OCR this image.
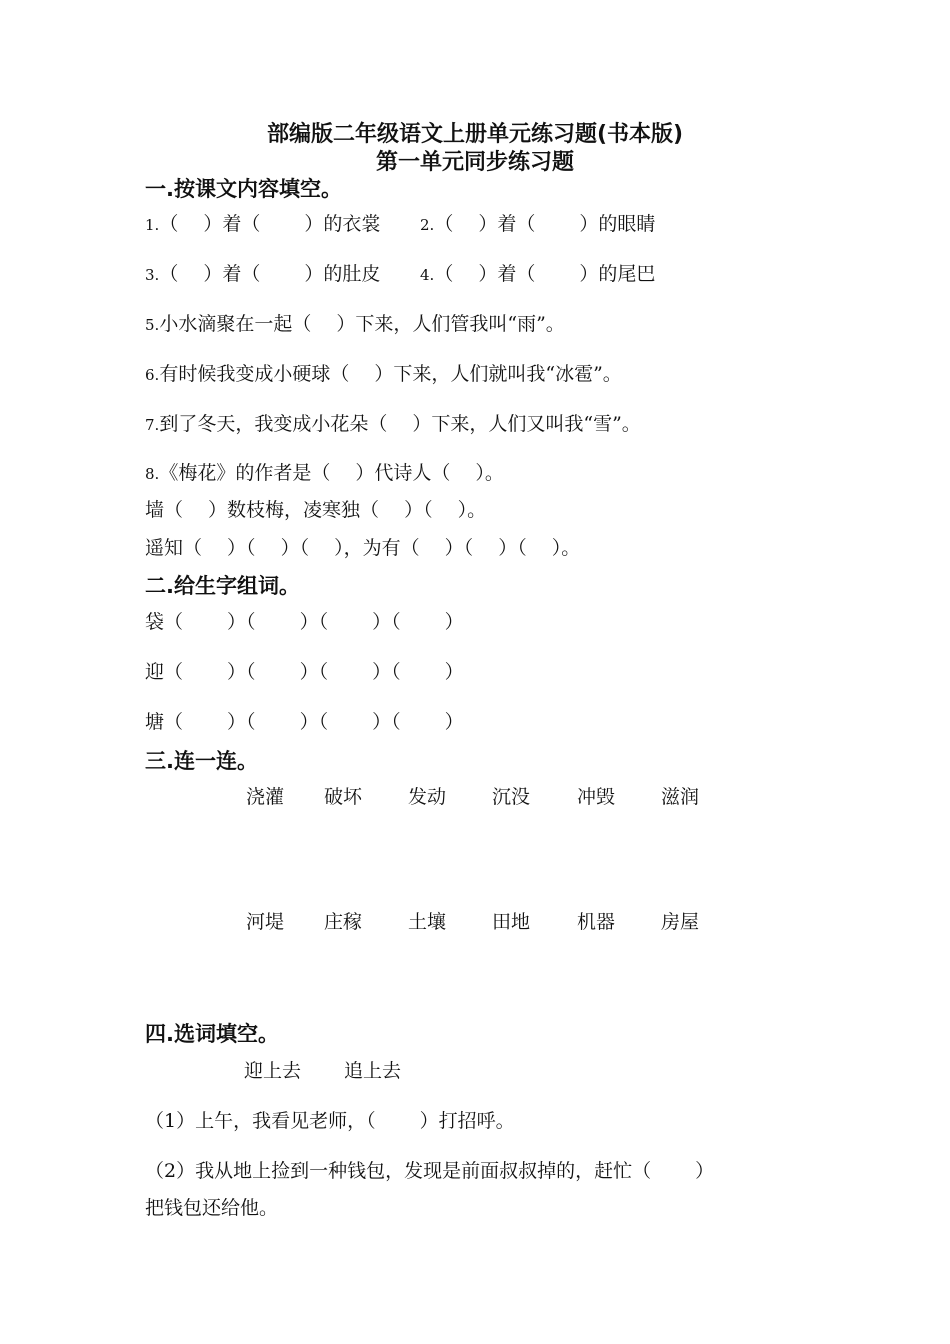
部编版二年级语文上册单元练习题(书本版)
第一单元同步练习题
一.按课文内容填空。
1.（　 ）着（　　 ）的衣裳	2.（　 ）着（　　 ）的眼睛
3.（　 ）着（　　 ）的肚皮	4.（　 ）着（　　 ）的尾巴
5.小水滴聚在一起（　 ）下来，人们管我叫“雨”。
6.有时候我变成小硬球（　 ）下来，人们就叫我“冰雹”。
7.到了冬天，我变成小花朵（　 ）下来，人们又叫我“雪”。
8.《梅花》的作者是（　 ）代诗人（　 ）。
墙（　 ）数枝梅，凌寒独（　 ）（　 ）。
遥知（　 ）（　 ）（　 ），为有（　 ）（　 ）（　 ）。
二.给生字组词。
袋（　　 ）（　　 ）（　　 ）（　　 ）
迎（　　 ）（　　 ）（　　 ）（　　 ）
塘（　　 ）（　　 ）（　　 ）（　　 ）
三.连一连。
浇灌 破坏 发动 沉没 冲毁 滋润
河堤 庄稼 土壤 田地 机器 房屋
四.选词填空。
迎上去 追上去
（1）上午，我看见老师，（　　 ）打招呼。
（2）我从地上捡到一种钱包，发现是前面叔叔掉的，赶忙（　　 ）
把钱包还给他。
